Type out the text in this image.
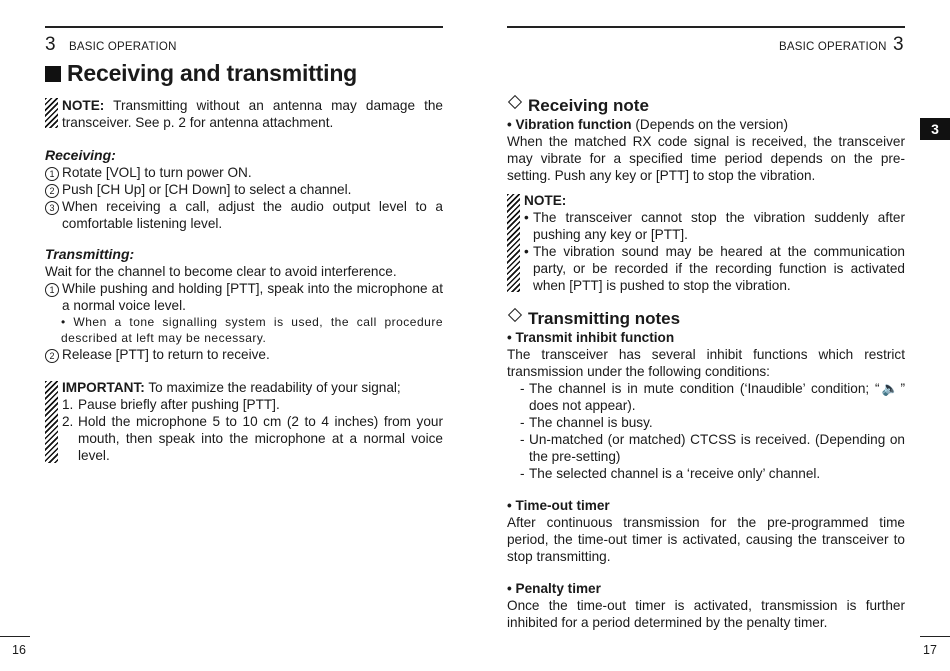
3 BASIC OPERATION
Receiving and transmitting
NOTE: Transmitting without an antenna may damage the transceiver. See p. 2 for antenna attachment.
Receiving:
1 Rotate [VOL] to turn power ON.
2 Push [CH Up] or [CH Down] to select a channel.
3 When receiving a call, adjust the audio output level to a comfortable listening level.
Transmitting:
Wait for the channel to become clear to avoid interference.
1 While pushing and holding [PTT], speak into the microphone at a normal voice level.
• When a tone signalling system is used, the call procedure described at left may be necessary.
2 Release [PTT] to return to receive.
IMPORTANT: To maximize the readability of your signal;
1. Pause briefly after pushing [PTT].
2. Hold the microphone 5 to 10 cm (2 to 4 inches) from your mouth, then speak into the microphone at a normal voice level.
16
BASIC OPERATION 3
3
Receiving note
• Vibration function (Depends on the version)
When the matched RX code signal is received, the transceiver may vibrate for a specified time period depends on the pre-setting. Push any key or [PTT] to stop the vibration.
NOTE:
• The transceiver cannot stop the vibration suddenly after pushing any key or [PTT].
• The vibration sound may be heared at the communication party, or be recorded if the recording function is activated when [PTT] is pushed to stop the vibration.
Transmitting notes
• Transmit inhibit function
The transceiver has several inhibit functions which restrict transmission under the following conditions:
- The channel is in mute condition (‘Inaudible’ condition; “🔈” does not appear).
- The channel is busy.
- Un-matched (or matched) CTCSS is received. (Depending on the pre-setting)
- The selected channel is a ‘receive only’ channel.
• Time-out timer
After continuous transmission for the pre-programmed time period, the time-out timer is activated, causing the transceiver to stop transmitting.
• Penalty timer
Once the time-out timer is activated, transmission is further inhibited for a period determined by the penalty timer.
17
